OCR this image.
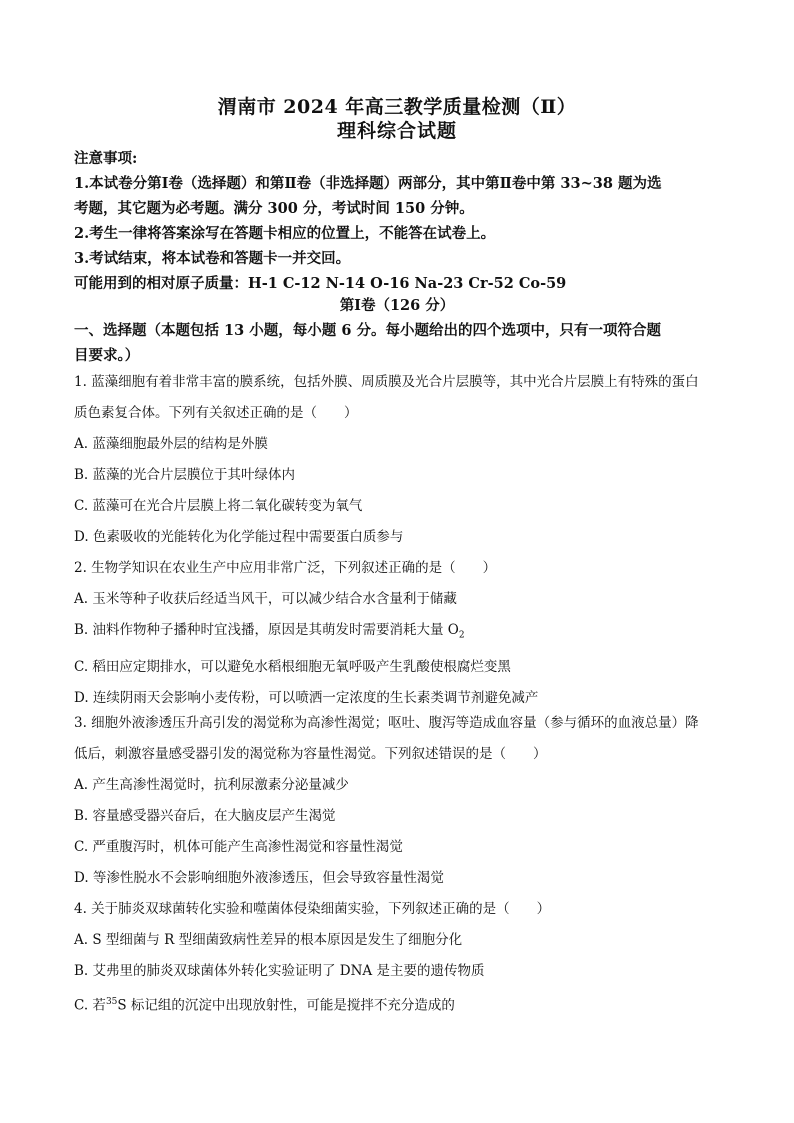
渭南市 2024 年高三教学质量检测（Ⅱ）
理科综合试题

注意事项:

1.本试卷分第Ⅰ卷（选择题）和第Ⅱ卷（非选择题）两部分，其中第Ⅱ卷中第 33~38 题为选

考题，其它题为必考题。满分 300 分，考试时间 150 分钟。

2.考生一律将答案涂写在答题卡相应的位置上，不能答在试卷上。

3.考试结束，将本试卷和答题卡一并交回。

可能用到的相对原子质量：H-1 C-12 N-14 O-16 Na-23 Cr-52 Co-59

第Ⅰ卷（126 分）
一、选择题（本题包括 13 小题，每小题 6 分。每小题给出的四个选项中，只有一项符合题
目要求。）

1. 蓝藻细胞有着非常丰富的膜系统，包括外膜、周质膜及光合片层膜等，其中光合片层膜上有特殊的蛋白

质色素复合体。下列有关叙述正确的是（　　）

A. 蓝藻细胞最外层的结构是外膜

B. 蓝藻的光合片层膜位于其叶绿体内

C. 蓝藻可在光合片层膜上将二氧化碳转变为氧气

D. 色素吸收的光能转化为化学能过程中需要蛋白质参与

2. 生物学知识在农业生产中应用非常广泛，下列叙述正确的是（　　）

A. 玉米等种子收获后经适当风干，可以减少结合水含量利于储藏

B. 油料作物种子播种时宜浅播，原因是其萌发时需要消耗大量 $O_2$

C. 稻田应定期排水，可以避免水稻根细胞无氧呼吸产生乳酸使根腐烂变黑

D. 连续阴雨天会影响小麦传粉，可以喷洒一定浓度的生长素类调节剂避免减产

3. 细胞外液渗透压升高引发的渴觉称为高渗性渴觉；呕吐、腹泻等造成血容量（参与循环的血液总量）降

低后，刺激容量感受器引发的渴觉称为容量性渴觉。下列叙述错误的是（　　）

A. 产生高渗性渴觉时，抗利尿激素分泌量减少

B. 容量感受器兴奋后，在大脑皮层产生渴觉

C. 严重腹泻时，机体可能产生高渗性渴觉和容量性渴觉

D. 等渗性脱水不会影响细胞外液渗透压，但会导致容量性渴觉

4. 关于肺炎双球菌转化实验和噬菌体侵染细菌实验，下列叙述正确的是（　　）

A. S 型细菌与 R 型细菌致病性差异的根本原因是发生了细胞分化

B. 艾弗里的肺炎双球菌体外转化实验证明了 DNA 是主要的遗传物质

C. 若$^{35}$S 标记组的沉淀中出现放射性，可能是搅拌不充分造成的
